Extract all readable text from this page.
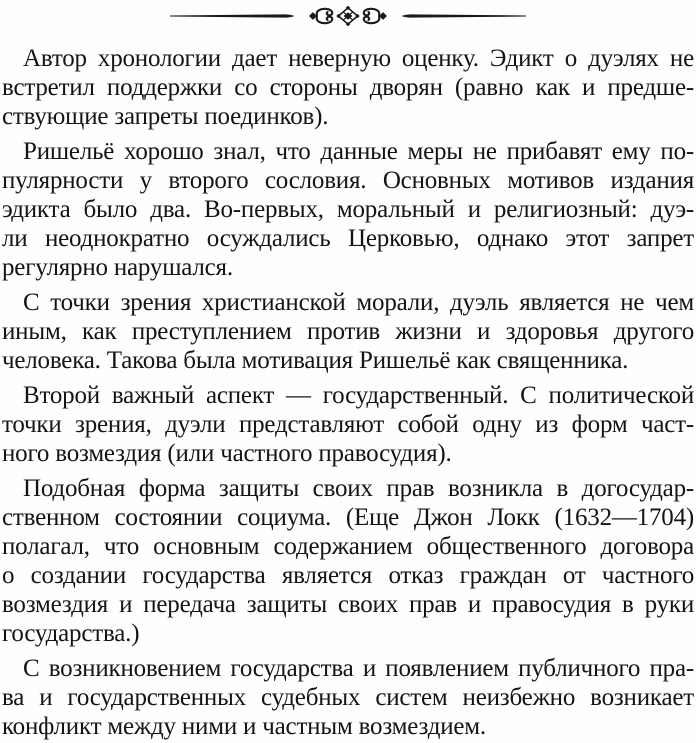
Автор хронологии дает неверную оценку. Эдикт о дуэлях не
встретил поддержки со стороны дворян (равно как и предше-
ствующие запреты поединков).
Ришельё хорошо знал, что данные меры не прибавят ему по-
пулярности у второго сословия. Основных мотивов издания
эдикта было два. Во-первых, моральный и религиозный: дуэ-
ли неоднократно осуждались Церковью, однако этот запрет
регулярно нарушался.
С точки зрения христианской морали, дуэль является не чем
иным, как преступлением против жизни и здоровья другого
человека. Такова была мотивация Ришельё как священника.
Второй важный аспект — государственный. С политической
точки зрения, дуэли представляют собой одну из форм част-
ного возмездия (или частного правосудия).
Подобная форма защиты своих прав возникла в догосудар-
ственном состоянии социума. (Еще Джон Локк (1632—1704)
полагал, что основным содержанием общественного договора
о создании государства является отказ граждан от частного
возмездия и передача защиты своих прав и правосудия в руки
государства.)
С возникновением государства и появлением публичного пра-
ва и государственных судебных систем неизбежно возникает
конфликт между ними и частным возмездием.
